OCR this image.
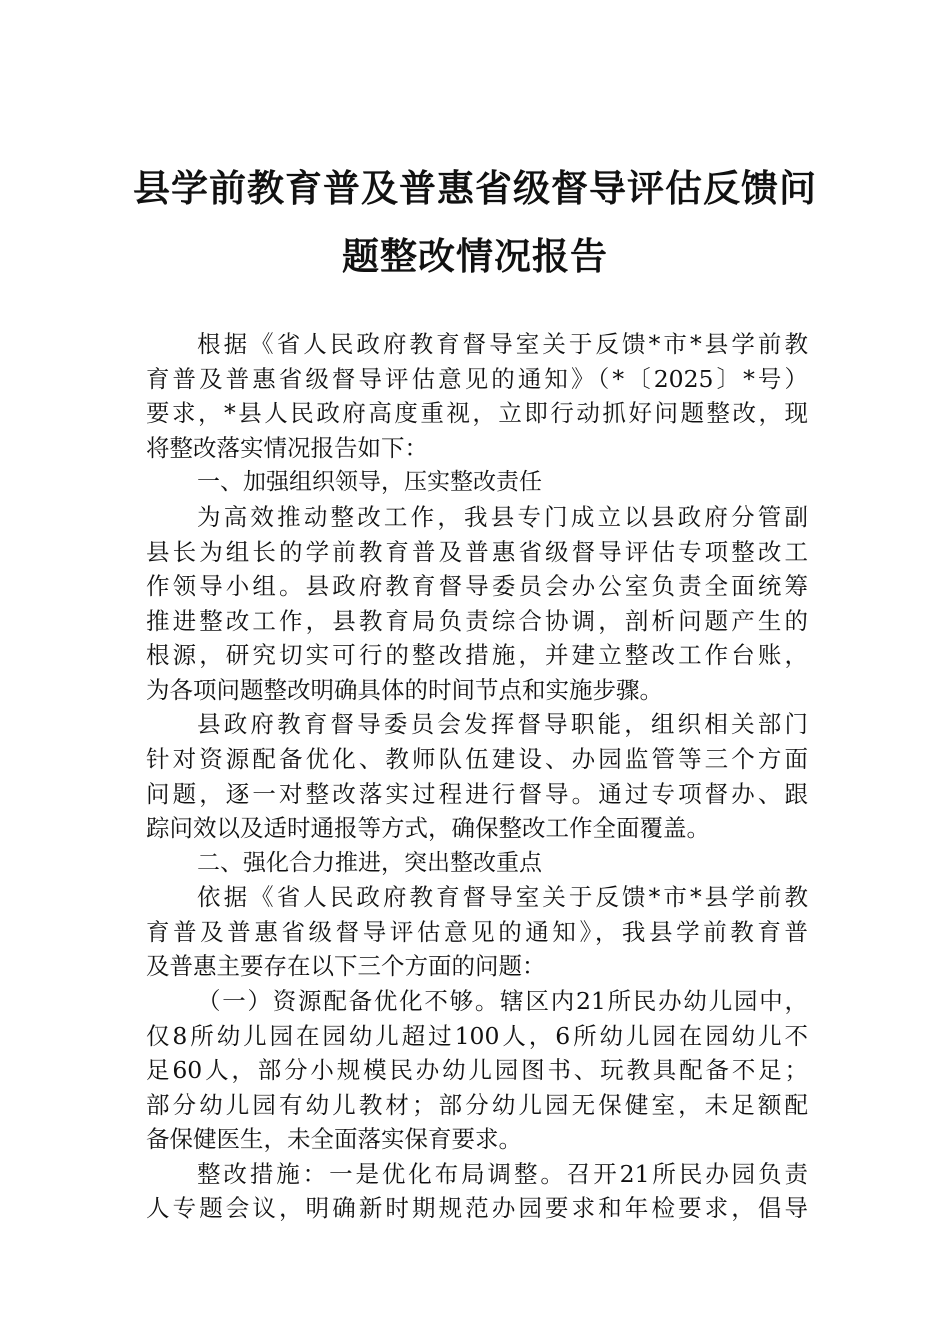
县学前教育普及普惠省级督导评估反馈问
题整改情况报告
根据《省人民政府教育督导室关于反馈*市*县学前教
育普及普惠省级督导评估意见的通知》（*〔2025〕*号）
要求，*县人民政府高度重视，立即行动抓好问题整改，现
将整改落实情况报告如下：
一、加强组织领导，压实整改责任
为高效推动整改工作，我县专门成立以县政府分管副
县长为组长的学前教育普及普惠省级督导评估专项整改工
作领导小组。县政府教育督导委员会办公室负责全面统筹
推进整改工作，县教育局负责综合协调，剖析问题产生的
根源，研究切实可行的整改措施，并建立整改工作台账，
为各项问题整改明确具体的时间节点和实施步骤。
县政府教育督导委员会发挥督导职能，组织相关部门
针对资源配备优化、教师队伍建设、办园监管等三个方面
问题，逐一对整改落实过程进行督导。通过专项督办、跟
踪问效以及适时通报等方式，确保整改工作全面覆盖。
二、强化合力推进，突出整改重点
依据《省人民政府教育督导室关于反馈*市*县学前教
育普及普惠省级督导评估意见的通知》，我县学前教育普
及普惠主要存在以下三个方面的问题：
（一）资源配备优化不够。辖区内21所民办幼儿园中，
仅8所幼儿园在园幼儿超过100人，6所幼儿园在园幼儿不
足60人，部分小规模民办幼儿园图书、玩教具配备不足；
部分幼儿园有幼儿教材；部分幼儿园无保健室，未足额配
备保健医生，未全面落实保育要求。
整改措施：一是优化布局调整。召开21所民办园负责
人专题会议，明确新时期规范办园要求和年检要求，倡导
